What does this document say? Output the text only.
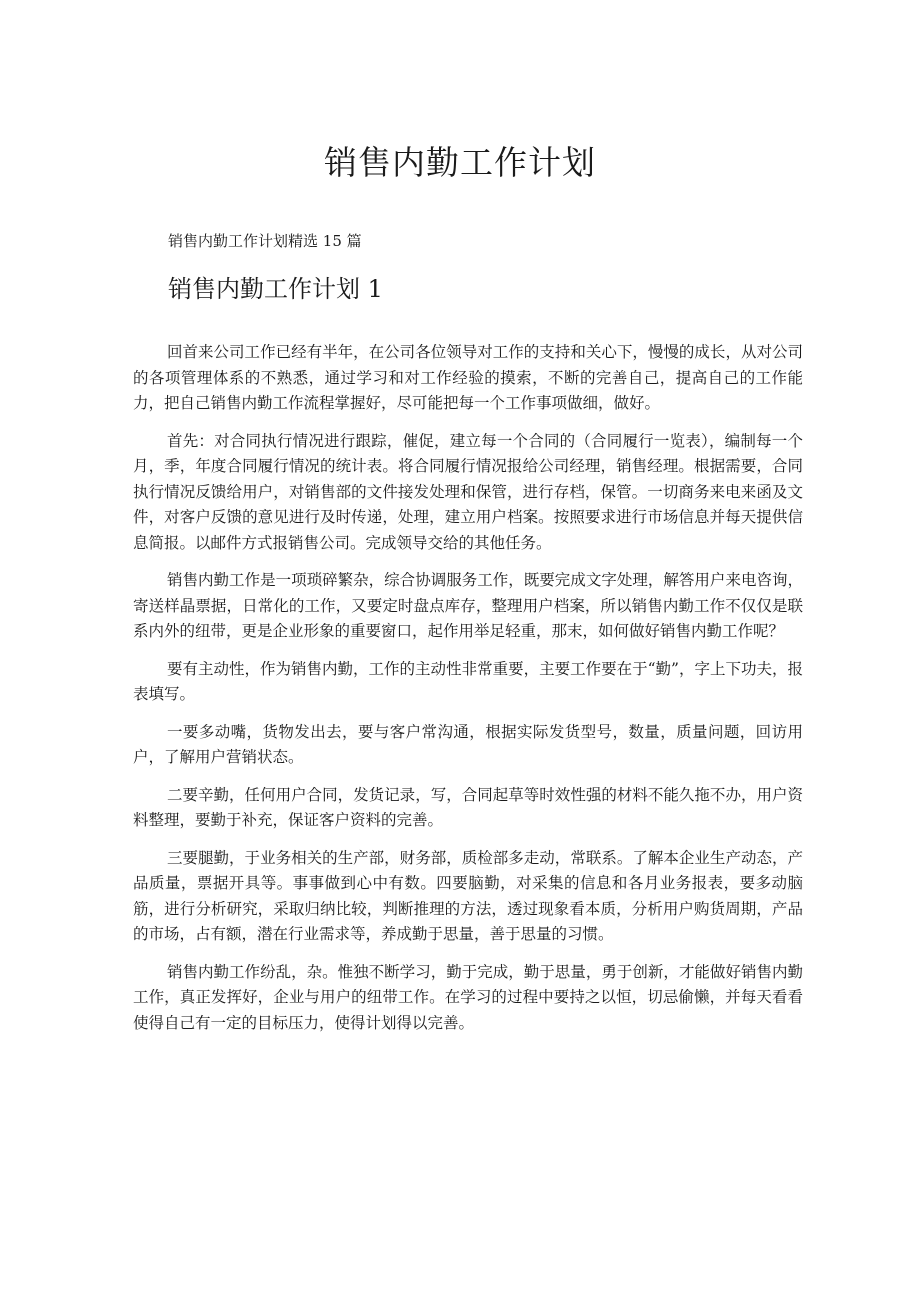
销售内勤工作计划

销售内勤工作计划精选 15 篇

销售内勤工作计划 1

回首来公司工作已经有半年，在公司各位领导对工作的支持和关心下，慢慢的成长，从对公司的各项管理体系的不熟悉，通过学习和对工作经验的摸索，不断的完善自己，提高自己的工作能力，把自己销售内勤工作流程掌握好，尽可能把每一个工作事项做细，做好。

首先：对合同执行情况进行跟踪，催促，建立每一个合同的（合同履行一览表），编制每一个月，季，年度合同履行情况的统计表。将合同履行情况报给公司经理，销售经理。根据需要，合同执行情况反馈给用户，对销售部的文件接发处理和保管，进行存档，保管。一切商务来电来函及文件，对客户反馈的意见进行及时传递，处理，建立用户档案。按照要求进行市场信息并每天提供信息简报。以邮件方式报销售公司。完成领导交给的其他任务。

销售内勤工作是一项琐碎繁杂，综合协调服务工作，既要完成文字处理，解答用户来电咨询，寄送样晶票据，日常化的工作，又要定时盘点库存，整理用户档案，所以销售内勤工作不仅仅是联系内外的纽带，更是企业形象的重要窗口，起作用举足轻重，那末，如何做好销售内勤工作呢？

要有主动性，作为销售内勤，工作的主动性非常重要，主要工作要在于“勤”，字上下功夫，报表填写。

一要多动嘴，货物发出去，要与客户常沟通，根据实际发货型号，数量，质量问题，回访用户，了解用户营销状态。

二要辛勤，任何用户合同，发货记录，写，合同起草等时效性强的材料不能久拖不办，用户资料整理，要勤于补充，保证客户资料的完善。

三要腿勤，于业务相关的生产部，财务部，质检部多走动，常联系。了解本企业生产动态，产品质量，票据开具等。事事做到心中有数。四要脑勤，对采集的信息和各月业务报表，要多动脑筋，进行分析研究，采取归纳比较，判断推理的方法，透过现象看本质，分析用户购货周期，产品的市场，占有额，潜在行业需求等，养成勤于思量，善于思量的习惯。

销售内勤工作纷乱，杂。惟独不断学习，勤于完成，勤于思量，勇于创新，才能做好销售内勤工作，真正发挥好，企业与用户的纽带工作。在学习的过程中要持之以恒，切忌偷懒，并每天看看使得自己有一定的目标压力，使得计划得以完善。
